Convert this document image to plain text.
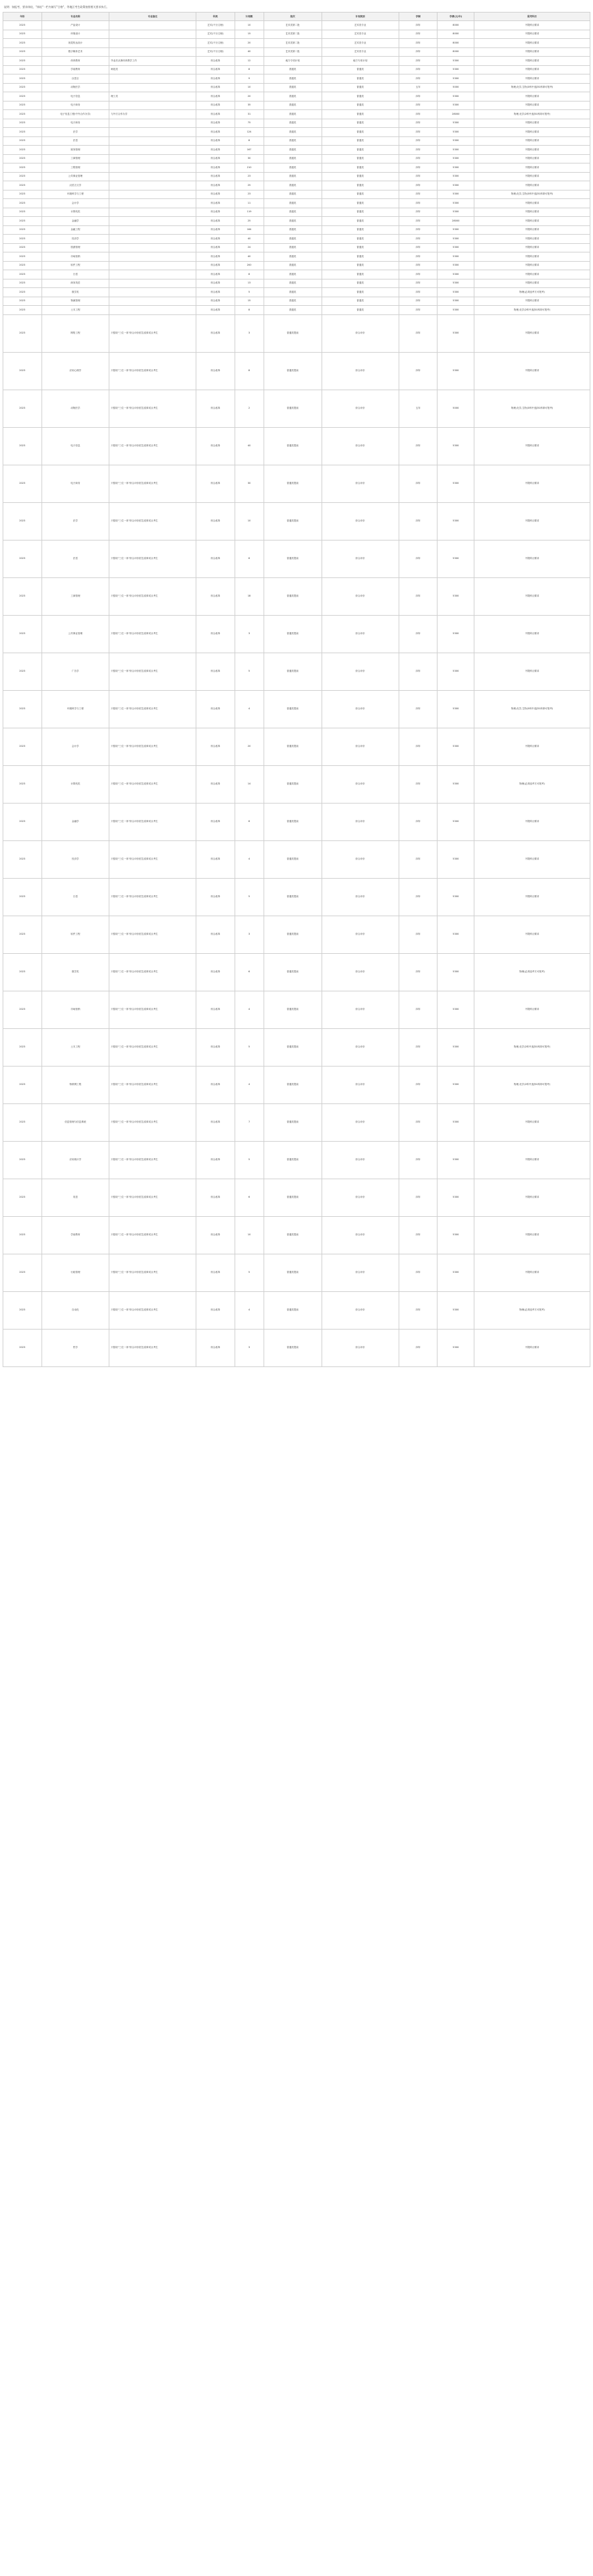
说明：如报考，要求体检，"体检"一栏内填写"合格"，等地区考生政策按照相关要求执行。
年份	专业名称	专业备注	科类	计划数	批次	计划类别	学制	学费(元/年)	报考科目
2023	产品设计		艺术(不分文理)	10	艺术类第二批	艺术类专业	四年	8000	不限科目要求
2023	环境设计		艺术(不分文理)	15	艺术类第二批	艺术类专业	四年	8000	不限科目要求
2023	视觉传达设计		艺术(不分文理)	20	艺术类第二批	艺术类专业	四年	8000	不限科目要求
2023	数字媒体艺术		艺术(不分文理)	40	艺术类第二批	艺术类专业	四年	8000	不限科目要求
2023	体育教育	毕业后从事体育教学工作	综合改革	12	地方专项计划	地方专项计划	四年	5300	不限科目要求
2023	学前教育	师范类	综合改革	8	普通类	普通类	四年	5300	不限科目要求
2023	汉语言		综合改革	9	普通类	普通类	四年	5300	不限科目要求
2023	动物医学		综合改革	10	普通类	普通类	五年	5000	物理,化学,生物(3科中选择1科即可报考)
2023	电子信息	理工类	综合改革	20	普通类	普通类	四年	5300	不限科目要求
2023	电子商务		综合改革	35	普通类	普通类	四年	5300	不限科目要求
2023	电子信息工程(中外合作办学)	与外方合作办学	综合改革	31	普通类	普通类	四年	28000	物理,化学(2科中选择1科即可报考)
2023	电子商务		综合改革	75	普通类	普通类	四年	5300	不限科目要求
2023	法学		综合改革	124	普通类	普通类	四年	5300	不限科目要求
2023	法语		综合改革	8	普通类	普通类	四年	5300	不限科目要求
2023	财务管理		综合改革	167	普通类	普通类	四年	5300	不限科目要求
2023	工商管理		综合改革	30	普通类	普通类	四年	5300	不限科目要求
2023	工程管理		综合改革	210	普通类	普通类	四年	5300	不限科目要求
2023	公共事业管理		综合改革	23	普通类	普通类	四年	5300	不限科目要求
2023	汉语言文学		综合改革	25	普通类	普通类	四年	5300	不限科目要求
2023	环境科学与工程		综合改革	23	普通类	普通类	四年	5300	物理,化学,生物(3科中选择1科即可报考)
2023	会计学		综合改革	11	普通类	普通类	四年	5300	不限科目要求
2023	计算机类		综合改革	119	普通类	普通类	四年	5300	不限科目要求
2023	金融学		综合改革	25	普通类	普通类	四年	28000	不限科目要求
2023	金融工程		综合改革	164	普通类	普通类	四年	5300	不限科目要求
2023	经济学		综合改革	40	普通类	普通类	四年	5300	不限科目要求
2023	旅游管理		综合改革	24	普通类	普通类	四年	5300	不限科目要求
2023	市场营销		综合改革	40	普通类	普通类	四年	5300	不限科目要求
2023	软件工程		综合改革	200	普通类	普通类	四年	5300	不限科目要求
2023	日语		综合改革	8	普通类	普通类	四年	5300	不限科目要求
2023	商务英语		综合改革	13	普通类	普通类	四年	5300	不限科目要求
2023	数学类		综合改革	5	普通类	普通类	四年	5300	物理(必须选考方可报考)
2023	物流管理		综合改革	15	普通类	普通类	四年	5300	不限科目要求
2023	土木工程		综合改革	8	普通类	普通类	四年	5300	物理,化学(2科中选择1科即可报考)
2023	网络工程	只招收"三位一体"综合评价招生改革试点考生	综合改革	3	普通类提前	综合评价	四年	5300	不限科目要求
2023	应用心理学	只招收"三位一体"综合评价招生改革试点考生	综合改革	8	普通类提前	综合评价	四年	5300	不限科目要求
2023	动物医学	只招收"三位一体"综合评价招生改革试点考生	综合改革	2	普通类提前	综合评价	五年	5000	物理,化学,生物(3科中选择1科即可报考)
2023	电子信息	只招收"三位一体"综合评价招生改革试点考生	综合改革	40	普通类提前	综合评价	四年	5300	不限科目要求
2023	电子商务	只招收"三位一体"综合评价招生改革试点考生	综合改革	30	普通类提前	综合评价	四年	5300	不限科目要求
2023	法学	只招收"三位一体"综合评价招生改革试点考生	综合改革	10	普通类提前	综合评价	四年	5300	不限科目要求
2023	法语	只招收"三位一体"综合评价招生改革试点考生	综合改革	6	普通类提前	综合评价	四年	5300	不限科目要求
2023	工商管理	只招收"三位一体"综合评价招生改革试点考生	综合改革	18	普通类提前	综合评价	四年	5300	不限科目要求
2023	公共事业管理	只招收"三位一体"综合评价招生改革试点考生	综合改革	3	普通类提前	综合评价	四年	5300	不限科目要求
2023	广告学	只招收"三位一体"综合评价招生改革试点考生	综合改革	5	普通类提前	综合评价	四年	5300	不限科目要求
2023	环境科学与工程	只招收"三位一体"综合评价招生改革试点考生	综合改革	4	普通类提前	综合评价	四年	5300	物理,化学,生物(3科中选择1科即可报考)
2023	会计学	只招收"三位一体"综合评价招生改革试点考生	综合改革	20	普通类提前	综合评价	四年	5300	不限科目要求
2023	计算机类	只招收"三位一体"综合评价招生改革试点考生	综合改革	14	普通类提前	综合评价	四年	5300	物理(必须选考方可报考)
2023	金融学	只招收"三位一体"综合评价招生改革试点考生	综合改革	6	普通类提前	综合评价	四年	5300	不限科目要求
2023	经济学	只招收"三位一体"综合评价招生改革试点考生	综合改革	4	普通类提前	综合评价	四年	5300	不限科目要求
2023	日语	只招收"三位一体"综合评价招生改革试点考生	综合改革	5	普通类提前	综合评价	四年	5300	不限科目要求
2023	软件工程	只招收"三位一体"综合评价招生改革试点考生	综合改革	3	普通类提前	综合评价	四年	5300	不限科目要求
2023	数学类	只招收"三位一体"综合评价招生改革试点考生	综合改革	6	普通类提前	综合评价	四年	5300	物理(必须选考方可报考)
2023	市场营销	只招收"三位一体"综合评价招生改革试点考生	综合改革	4	普通类提前	综合评价	四年	5300	不限科目要求
2023	土木工程	只招收"三位一体"综合评价招生改革试点考生	综合改革	5	普通类提前	综合评价	四年	5300	物理,化学(2科中选择1科即可报考)
2023	物联网工程	只招收"三位一体"综合评价招生改革试点考生	综合改革	4	普通类提前	综合评价	四年	5300	物理,化学(2科中选择1科即可报考)
2023	信息管理与信息系统	只招收"三位一体"综合评价招生改革试点考生	综合改革	7	普通类提前	综合评价	四年	5300	不限科目要求
2023	应用统计学	只招收"三位一体"综合评价招生改革试点考生	综合改革	5	普通类提前	综合评价	四年	5300	不限科目要求
2023	英语	只招收"三位一体"综合评价招生改革试点考生	综合改革	6	普通类提前	综合评价	四年	5300	不限科目要求
2023	学前教育	只招收"三位一体"综合评价招生改革试点考生	综合改革	10	普通类提前	综合评价	四年	5300	不限科目要求
2023	行政管理	只招收"三位一体"综合评价招生改革试点考生	综合改革	5	普通类提前	综合评价	四年	5300	不限科目要求
2023	自动化	只招收"三位一体"综合评价招生改革试点考生	综合改革	4	普通类提前	综合评价	四年	5300	物理(必须选考方可报考)
2023	哲学	只招收"三位一体"综合评价招生改革试点考生	综合改革	3	普通类提前	综合评价	四年	5300	不限科目要求
